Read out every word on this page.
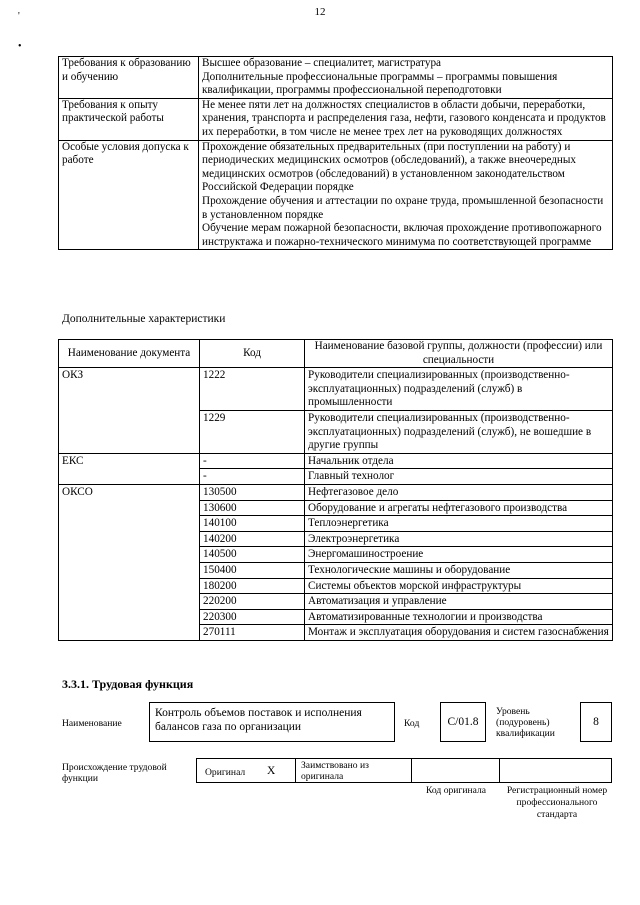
12
'
•
Требования к образованию и обучению	Высшее образование – специалитет, магистратура
Дополнительные профессиональные программы – программы повышения квалификации, программы профессиональной переподготовки

Требования к опыту практической работы	Не менее пяти лет на должностях специалистов в области добычи, переработки, хранения, транспорта и распределения газа, нефти, газового конденсата и продуктов их переработки, в том числе не менее трех лет на руководящих должностях

Особые условия допуска к работе	Прохождение обязательных предварительных (при поступлении на работу) и периодических медицинских осмотров (обследований), а также внеочередных медицинских осмотров (обследований) в установленном законодательством Российской Федерации порядке
Прохождение обучения и аттестации по охране труда, промышленной безопасности в установленном порядке
Обучение мерам пожарной безопасности, включая прохождение противопожарного инструктажа и пожарно-технического минимума по соответствующей программе
Дополнительные характеристики
Наименование документа	Код	Наименование базовой группы, должности (профессии) или специальности
ОКЗ	1222	Руководители специализированных (производственно-эксплуатационных) подразделений (служб) в промышленности
	1229	Руководители специализированных (производственно-эксплуатационных) подразделений (служб), не вошедшие в другие группы
ЕКС	-	Начальник отдела
	-	Главный технолог
ОКСО	130500	Нефтегазовое дело
	130600	Оборудование и агрегаты нефтегазового производства
	140100	Теплоэнергетика
	140200	Электроэнергетика
	140500	Энергомашиностроение
	150400	Технологические машины и оборудование
	180200	Системы объектов морской инфраструктуры
	220200	Автоматизация и управление
	220300	Автоматизированные технологии и производства
	270111	Монтаж и эксплуатация оборудования и систем газоснабжения
3.3.1. Трудовая функция
Наименование
Контроль объемов поставок и исполнения балансов газа по организации	Код	С/01.8
Уровень (подуровень) квалификации
8
Происхождение трудовой функции
Оригинал X	Заимствовано из оригинала
Код оригинала	Регистрационный номер профессионального стандарта
